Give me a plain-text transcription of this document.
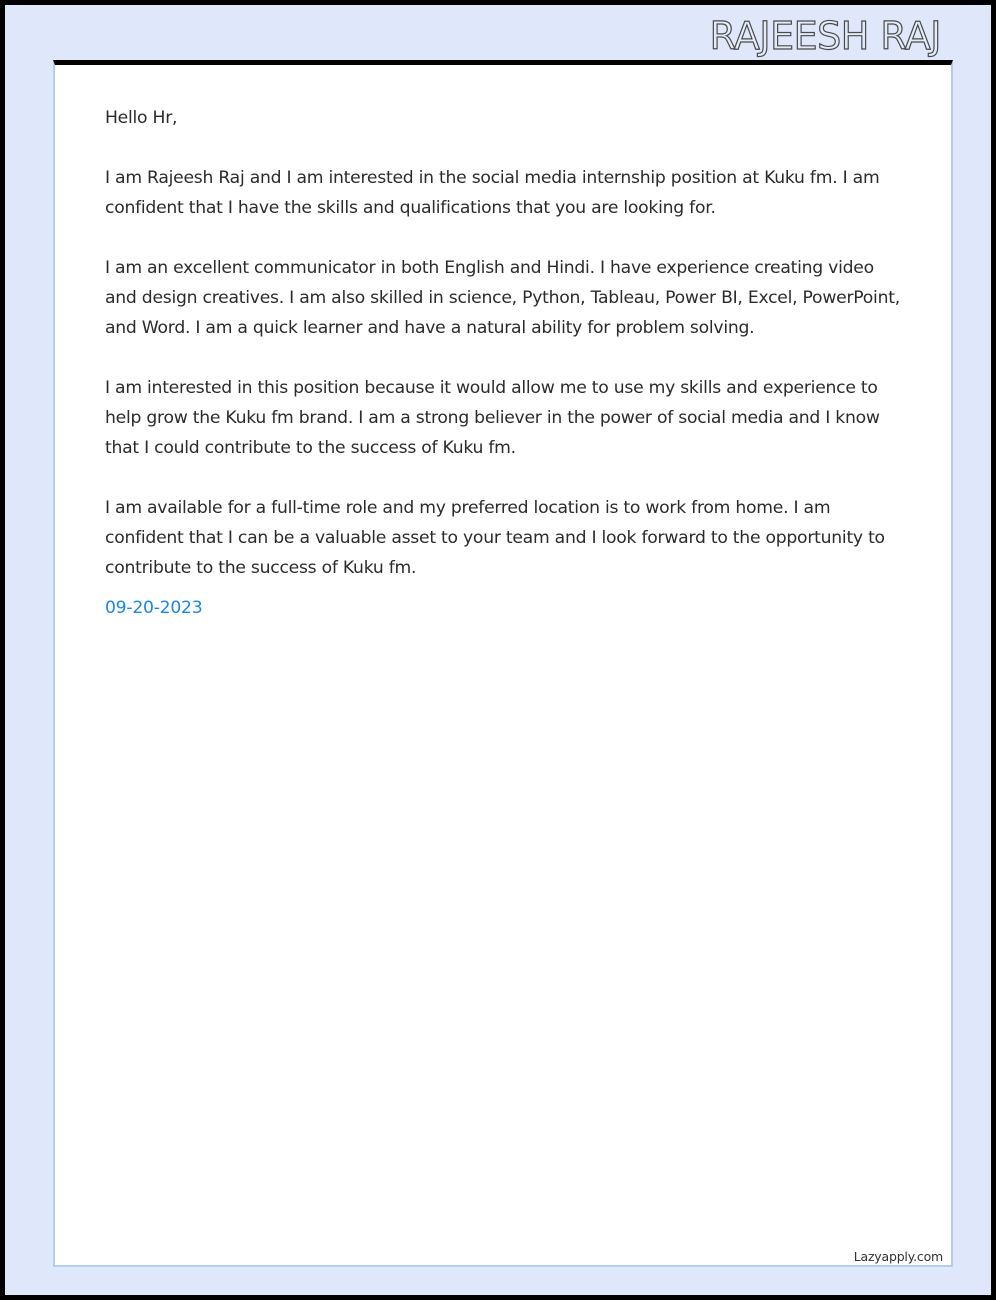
RAJEESH RAJ

Hello Hr,

I am Rajeesh Raj and I am interested in the social media internship position at Kuku fm. I am confident that I have the skills and qualifications that you are looking for.

I am an excellent communicator in both English and Hindi. I have experience creating video and design creatives. I am also skilled in science, Python, Tableau, Power BI, Excel, PowerPoint, and Word. I am a quick learner and have a natural ability for problem solving.

I am interested in this position because it would allow me to use my skills and experience to help grow the Kuku fm brand. I am a strong believer in the power of social media and I know that I could contribute to the success of Kuku fm.

I am available for a full-time role and my preferred location is to work from home. I am confident that I can be a valuable asset to your team and I look forward to the opportunity to contribute to the success of Kuku fm.

09-20-2023
Lazyapply.com
